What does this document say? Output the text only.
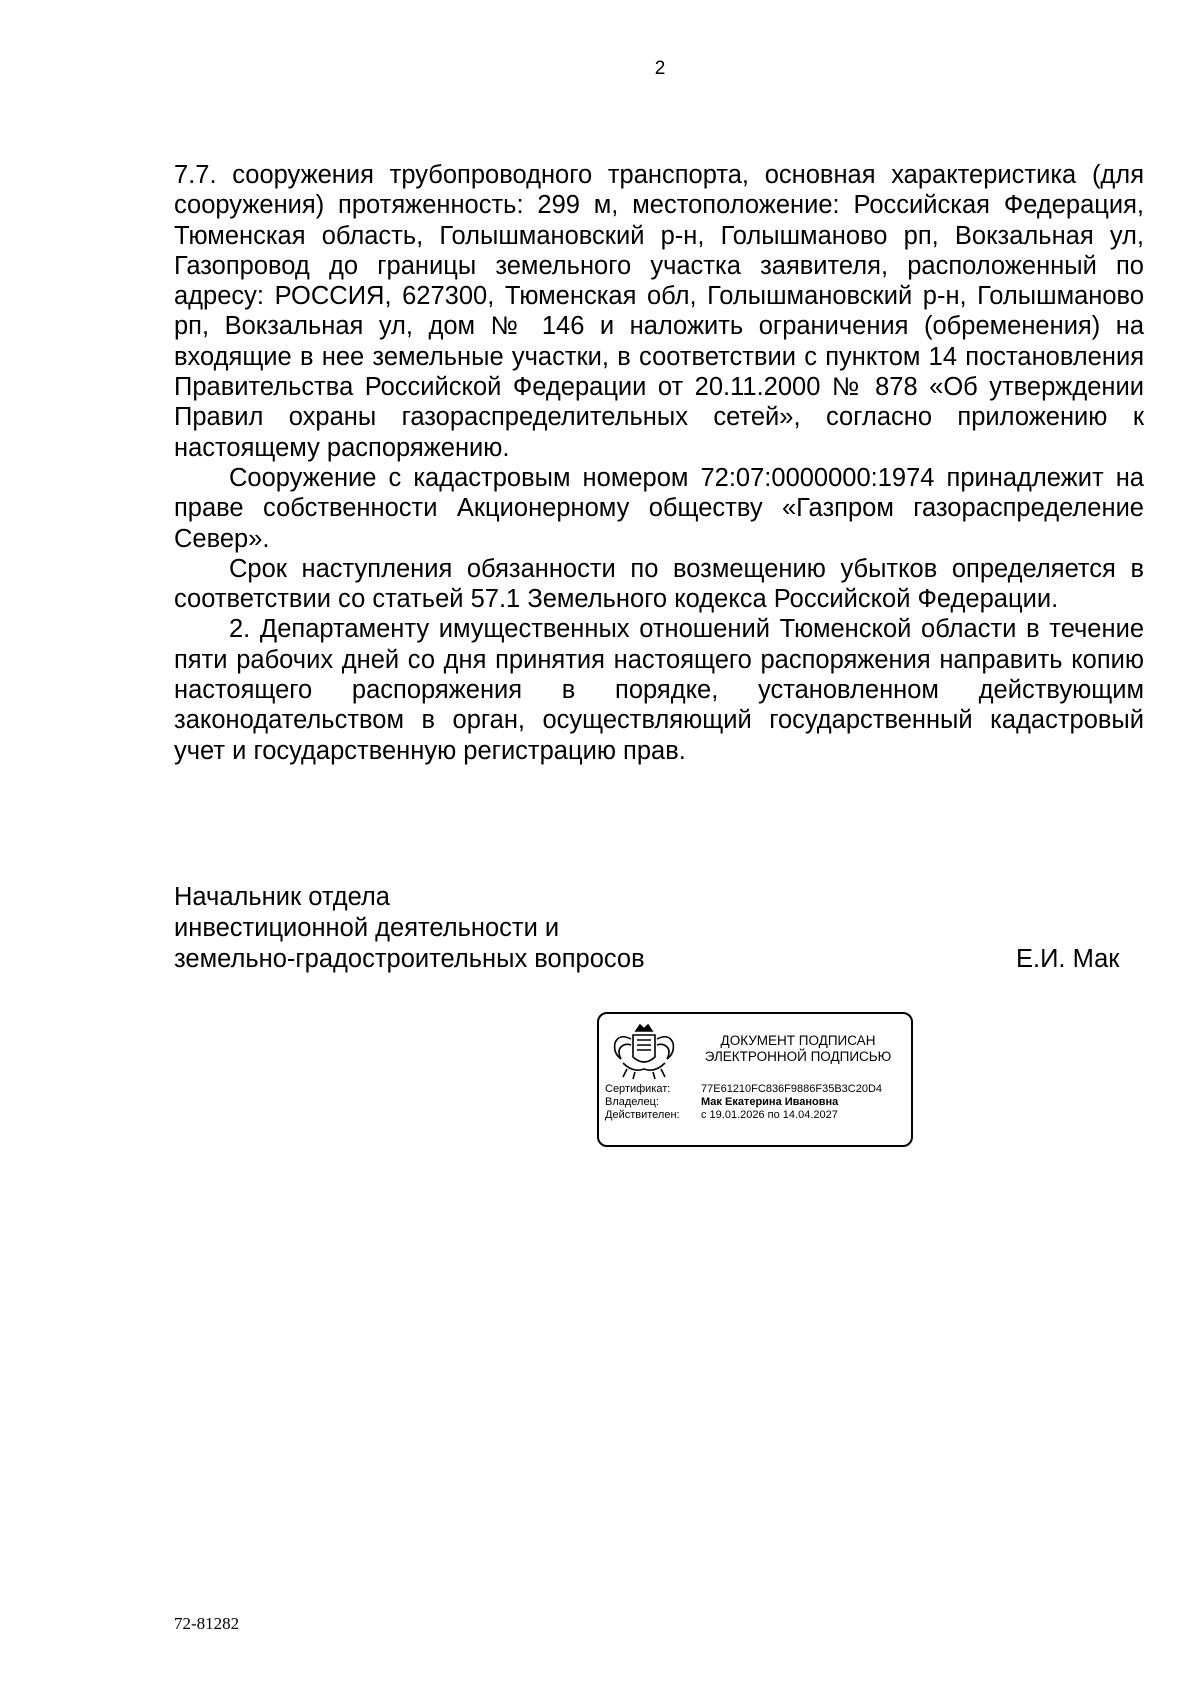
2

7.7. сооружения трубопроводного транспорта, основная характеристика (для сооружения) протяженность: 299 м, местоположение: Российская Федерация, Тюменская область, Голышмановский р-н, Голышманово рп, Вокзальная ул, Газопровод до границы земельного участка заявителя, расположенный по адресу: РОССИЯ, 627300, Тюменская обл, Голышмановский р-н, Голышманово рп, Вокзальная ул, дом № 146 и наложить ограничения (обременения) на входящие в нее земельные участки, в соответствии с пунктом 14 постановления Правительства Российской Федерации от 20.11.2000 № 878 «Об утверждении Правил охраны газораспределительных сетей», согласно приложению к настоящему распоряжению.

Сооружение с кадастровым номером 72:07:0000000:1974 принадлежит на праве собственности Акционерному обществу «Газпром газораспределение Север».

Срок наступления обязанности по возмещению убытков определяется в соответствии со статьей 57.1 Земельного кодекса Российской Федерации.

2. Департаменту имущественных отношений Тюменской области в течение пяти рабочих дней со дня принятия настоящего распоряжения направить копию настоящего распоряжения в порядке, установленном действующим законодательством в орган, осуществляющий государственный кадастровый учет и государственную регистрацию прав.

Начальник отдела
инвестиционной деятельности и
земельно-градостроительных вопросов	Е.И. Мак
ДОКУМЕНТ ПОДПИСАН
ЭЛЕКТРОННОЙ ПОДПИСЬЮ
Сертификат:	77E61210FC836F9886F35B3C20D4
Владелец:	Мак Екатерина Ивановна
Действителен:	с 19.01.2026 по 14.04.2027
72-81282
